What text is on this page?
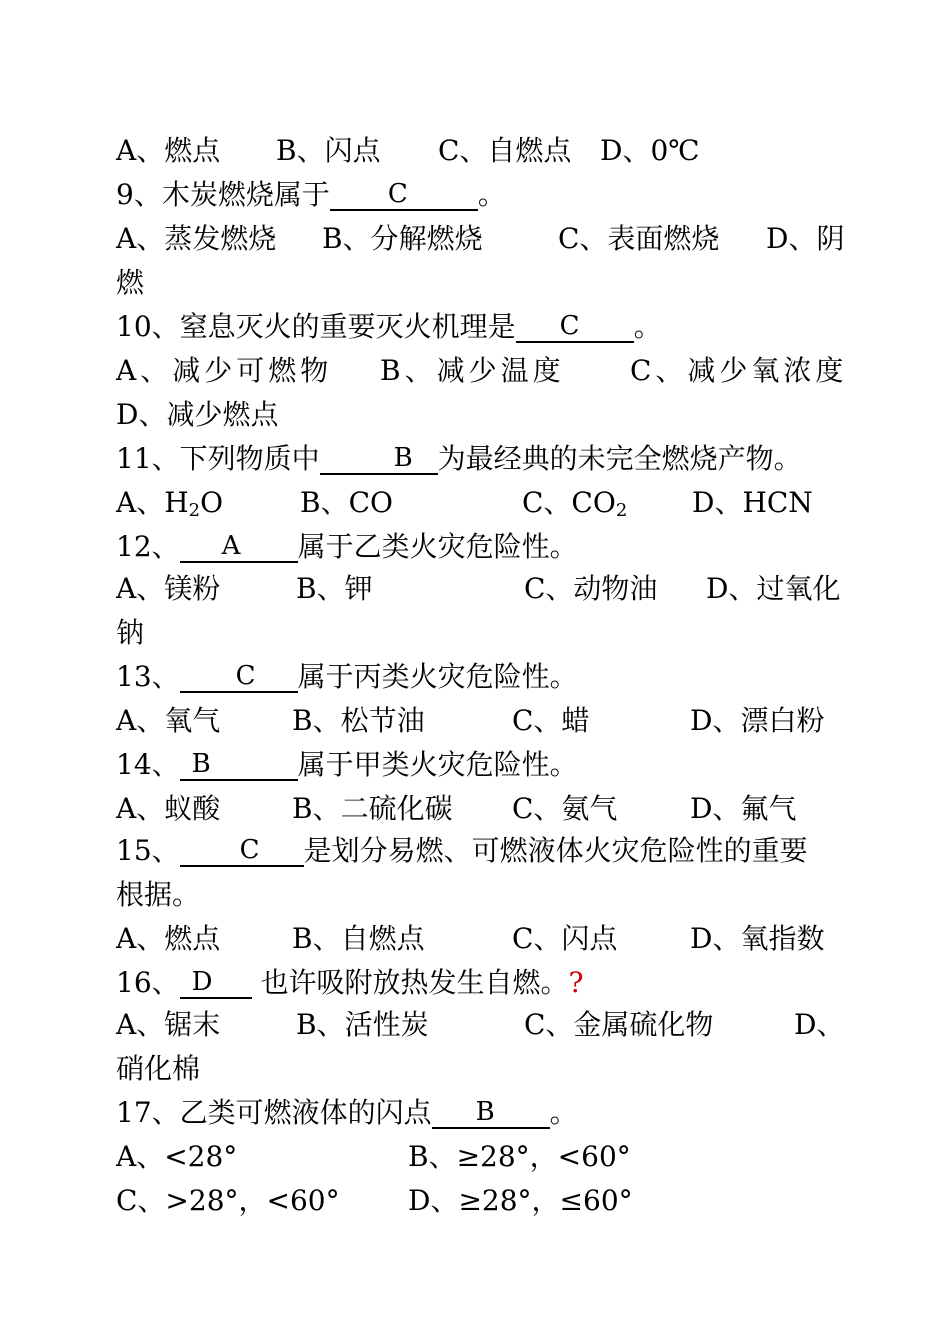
A、燃点 B、闪点 C、自燃点 D、0℃
9、木炭燃烧属于 C	。
A、蒸发燃烧 B、分解燃烧	C、表面燃烧 D、阴
燃
10、窒息灭火的重要灭火机理是 C 。
A、减少可燃物 B、减少温度 C、减少氧浓度
D、减少燃点
11、下列物质中	B 为最经典的未完全燃烧产物。
A、$H_2O$	B、CO	C、$CO_2$ D、HCN
12、 A 属于乙类火灾危险性。
A、镁粉	B、钾	C、动物油 D、过氧化
钠
13、 C 属于丙类火灾危险性。
A、氧气	B、松节油	C、蜡	D、漂白粉
14、 B	属于甲类火灾危险性。
A、蚁酸	B、二硫化碳 C、氨气	D、氟气
15、 C 是划分易燃、可燃液体火灾危险性的重要
根据。
A、燃点	B、自燃点	C、闪点	D、氧指数
16、 D 也许吸附放热发生自燃。?
A、锯末	B、活性炭	C、金属硫化物	D、
硝化棉
17、乙类可燃液体的闪点 B 。
A、<28°	B、≥28°，<60°
C、>28°，<60° D、≥28°，≤60°
